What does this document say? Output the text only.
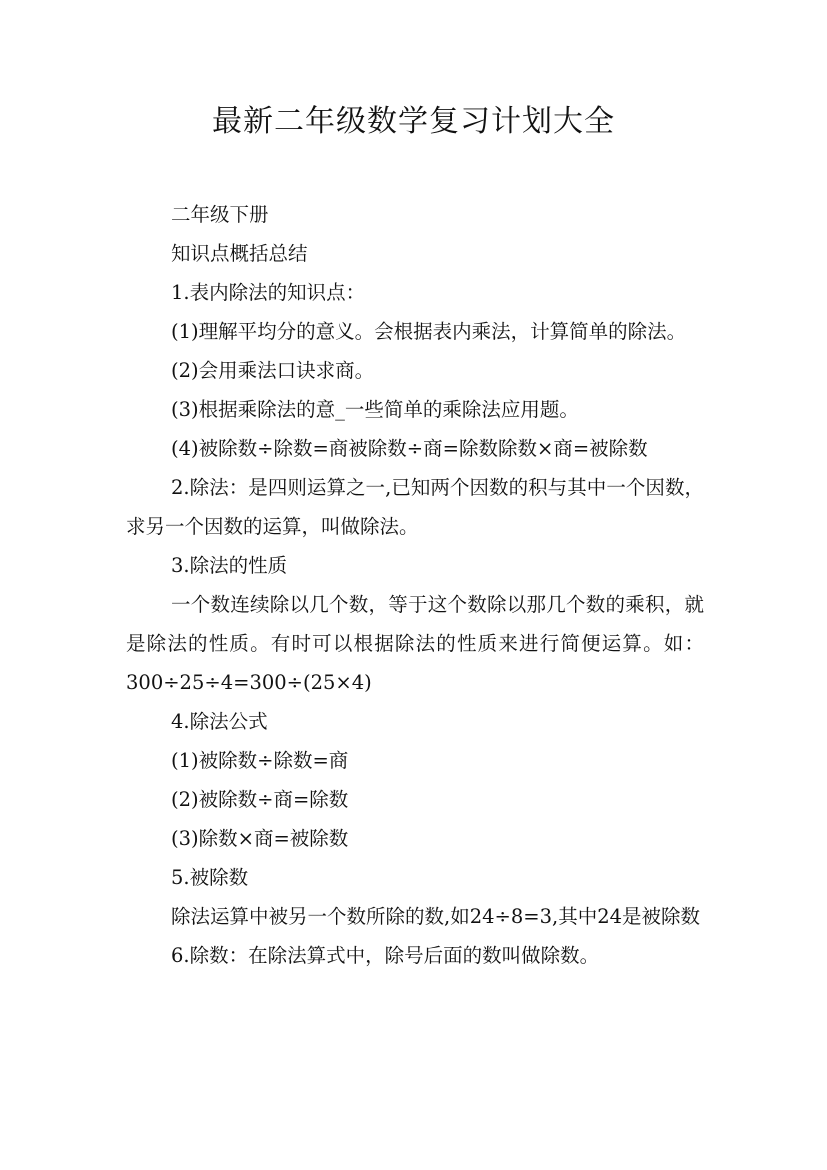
最新二年级数学复习计划大全

二年级下册

知识点概括总结

1.表内除法的知识点：

(1)理解平均分的意义。会根据表内乘法，计算简单的除法。

(2)会用乘法口诀求商。

(3)根据乘除法的意_一些简单的乘除法应用题。

(4)被除数÷除数=商被除数÷商=除数除数×商=被除数

2.除法：是四则运算之一,已知两个因数的积与其中一个因数，求另一个因数的运算，叫做除法。

3.除法的性质

一个数连续除以几个数，等于这个数除以那几个数的乘积，就是除法的性质。有时可以根据除法的性质来进行简便运算。如：300÷25÷4=300÷(25×4)

4.除法公式

(1)被除数÷除数=商

(2)被除数÷商=除数

(3)除数×商=被除数

5.被除数

除法运算中被另一个数所除的数,如24÷8=3,其中24是被除数

6.除数：在除法算式中，除号后面的数叫做除数。
